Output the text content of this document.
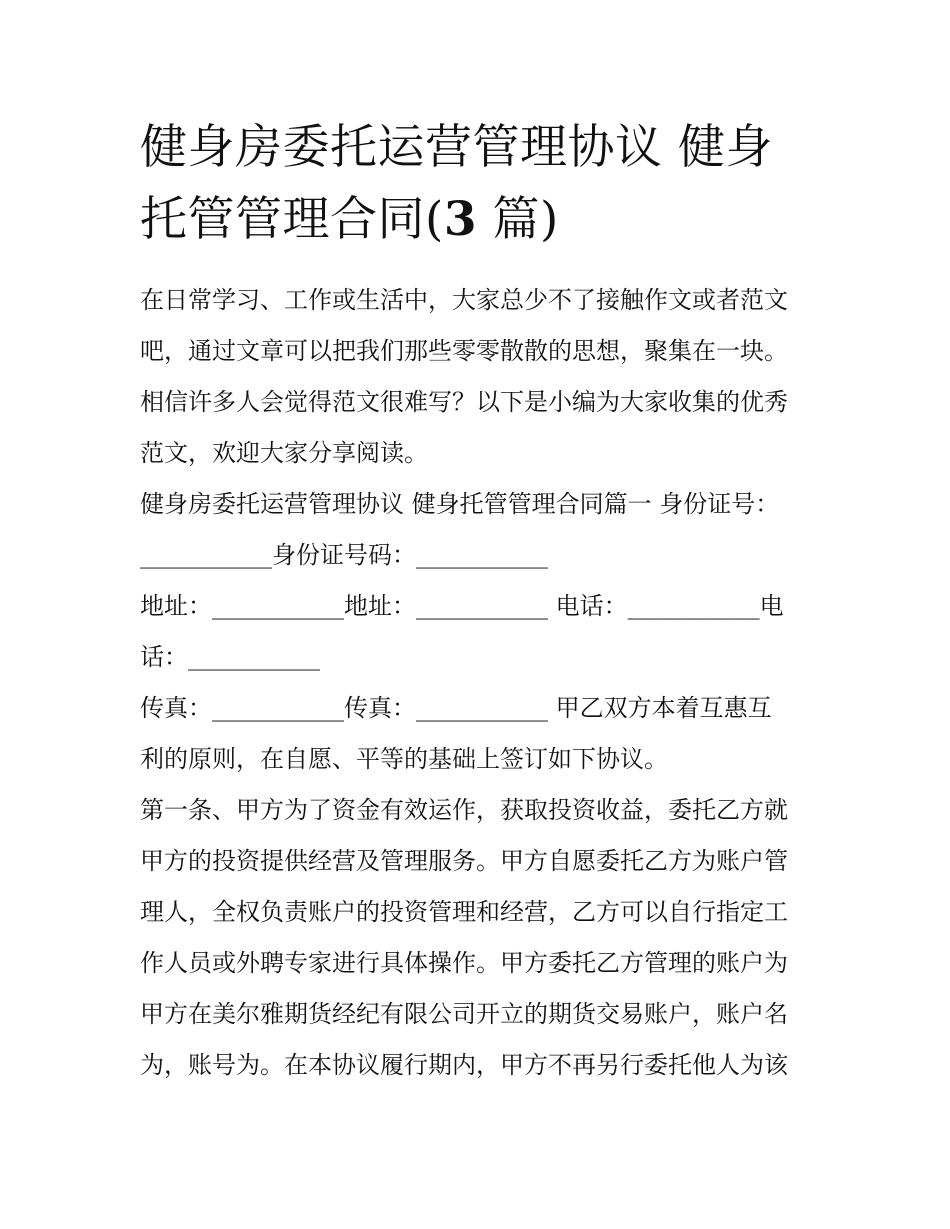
健身房委托运营管理协议 健身
托管管理合同(3 篇)

在日常学习、工作或生活中，大家总少不了接触作文或者范文
吧，通过文章可以把我们那些零零散散的思想，聚集在一块。
相信许多人会觉得范文很难写？以下是小编为大家收集的优秀
范文，欢迎大家分享阅读。

健身房委托运营管理协议 健身托管管理合同篇一 身份证号：
___________身份证号码：___________

地址：___________地址：___________ 电话：___________电
话：___________

传真：___________传真：___________ 甲乙双方本着互惠互
利的原则，在自愿、平等的基础上签订如下协议。

第一条、甲方为了资金有效运作，获取投资收益，委托乙方就
甲方的投资提供经营及管理服务。甲方自愿委托乙方为账户管
理人，全权负责账户的投资管理和经营，乙方可以自行指定工
作人员或外聘专家进行具体操作。甲方委托乙方管理的账户为
甲方在美尔雅期货经纪有限公司开立的期货交易账户，账户名
为，账号为。在本协议履行期内，甲方不再另行委托他人为该
